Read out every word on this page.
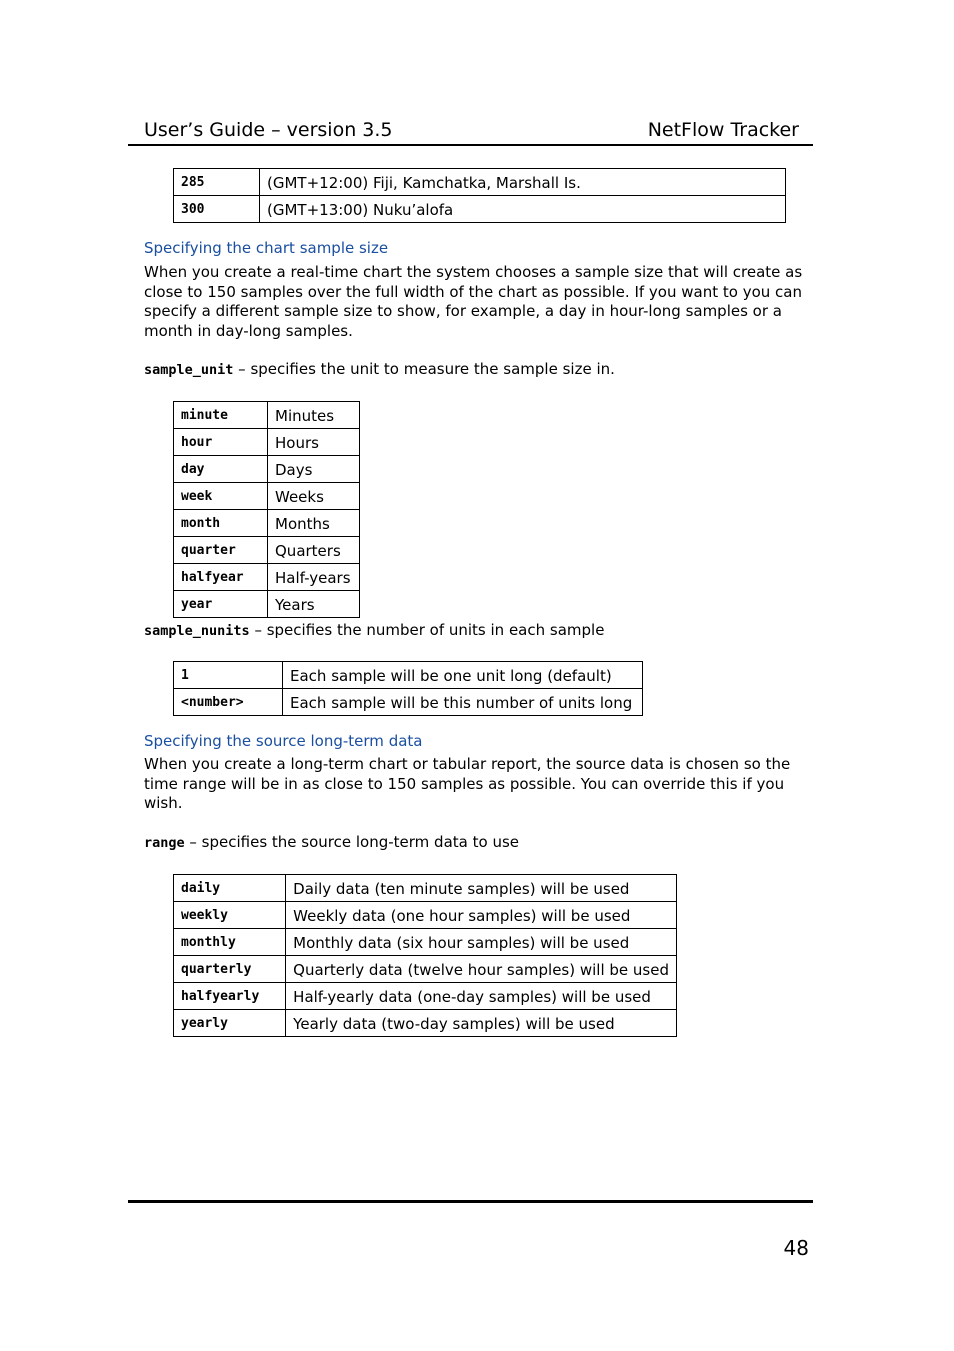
User’s Guide – version 3.5	NetFlow Tracker
285	(GMT+12:00) Fiji, Kamchatka, Marshall Is.
300	(GMT+13:00) Nuku’alofa
Specifying the chart sample size

When you create a real-time chart the system chooses a sample size that will create as close to 150 samples over the full width of the chart as possible. If you want to you can specify a different sample size to show, for example, a day in hour-long samples or a month in day-long samples.

sample_unit – specifies the unit to measure the sample size in.
minute	Minutes
hour	Hours
day	Days
week	Weeks
month	Months
quarter	Quarters
halfyear	Half-years
year	Years
sample_nunits – specifies the number of units in each sample
1	Each sample will be one unit long (default)
<number>	Each sample will be this number of units long
Specifying the source long-term data

When you create a long-term chart or tabular report, the source data is chosen so the time range will be in as close to 150 samples as possible. You can override this if you wish.

range – specifies the source long-term data to use
daily	Daily data (ten minute samples) will be used
weekly	Weekly data (one hour samples) will be used
monthly	Monthly data (six hour samples) will be used
quarterly	Quarterly data (twelve hour samples) will be used
halfyearly	Half-yearly data (one-day samples) will be used
yearly	Yearly data (two-day samples) will be used
48
